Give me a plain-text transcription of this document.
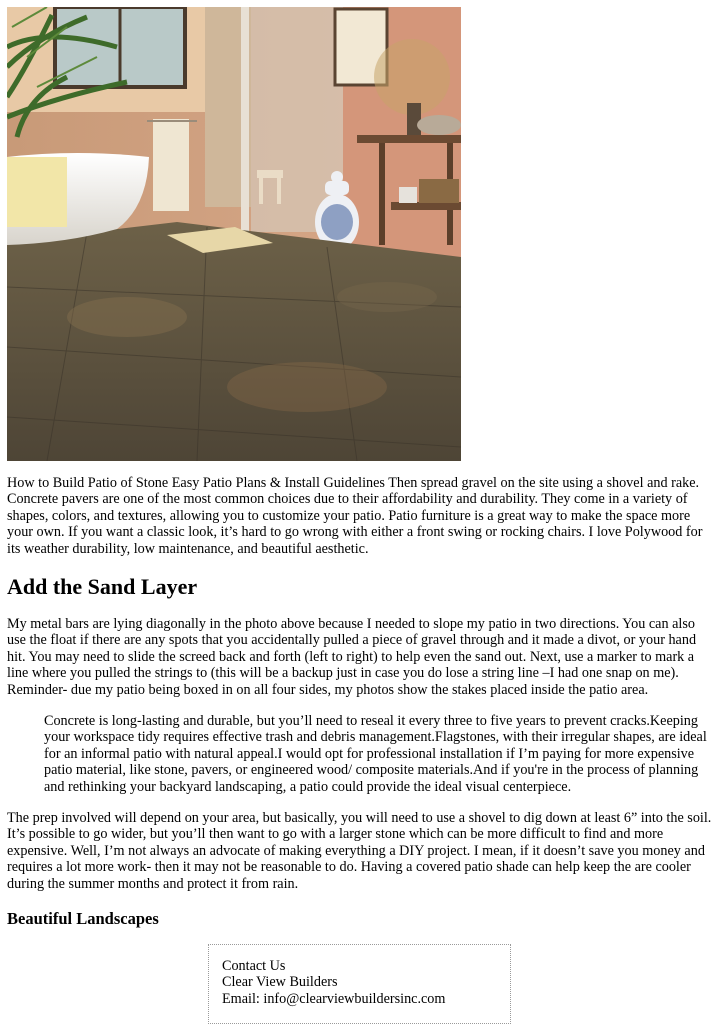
How to Build Patio of Stone Easy Patio Plans & Install Guidelines Then spread gravel on the site using a shovel and rake. Concrete pavers are one of the most common choices due to their affordability and durability. They come in a variety of shapes, colors, and textures, allowing you to customize your patio. Patio furniture is a great way to make the space more your own. If you want a classic look, it’s hard to go wrong with either a front swing or rocking chairs. I love Polywood for its weather durability, low maintenance, and beautiful aesthetic.

Add the Sand Layer

My metal bars are lying diagonally in the photo above because I needed to slope my patio in two directions. You can also use the float if there are any spots that you accidentally pulled a piece of gravel through and it made a divot, or your hand hit. You may need to slide the screed back and forth (left to right) to help even the sand out. Next, use a marker to mark a line where you pulled the strings to (this will be a backup just in case you do lose a string line –I had one snap on me). Reminder- due my patio being boxed in on all four sides, my photos show the stakes placed inside the patio area.

Concrete is long-lasting and durable, but you’ll need to reseal it every three to five years to prevent cracks.Keeping your workspace tidy requires effective trash and debris management.Flagstones, with their irregular shapes, are ideal for an informal patio with natural appeal.I would opt for professional installation if I’m paying for more expensive patio material, like stone, pavers, or engineered wood/ composite materials.And if you're in the process of planning and rethinking your backyard landscaping, a patio could provide the ideal visual centerpiece.

The prep involved will depend on your area, but basically, you will need to use a shovel to dig down at least 6” into the soil. It’s possible to go wider, but you’ll then want to go with a larger stone which can be more difficult to find and more expensive. Well, I’m not always an advocate of making everything a DIY project. I mean, if it doesn’t save you money and requires a lot more work- then it may not be reasonable to do. Having a covered patio shade can help keep the are cooler during the summer months and protect it from rain.

Beautiful Landscapes
Contact Us
Clear View Builders
Email: info@clearviewbuildersinc.com
